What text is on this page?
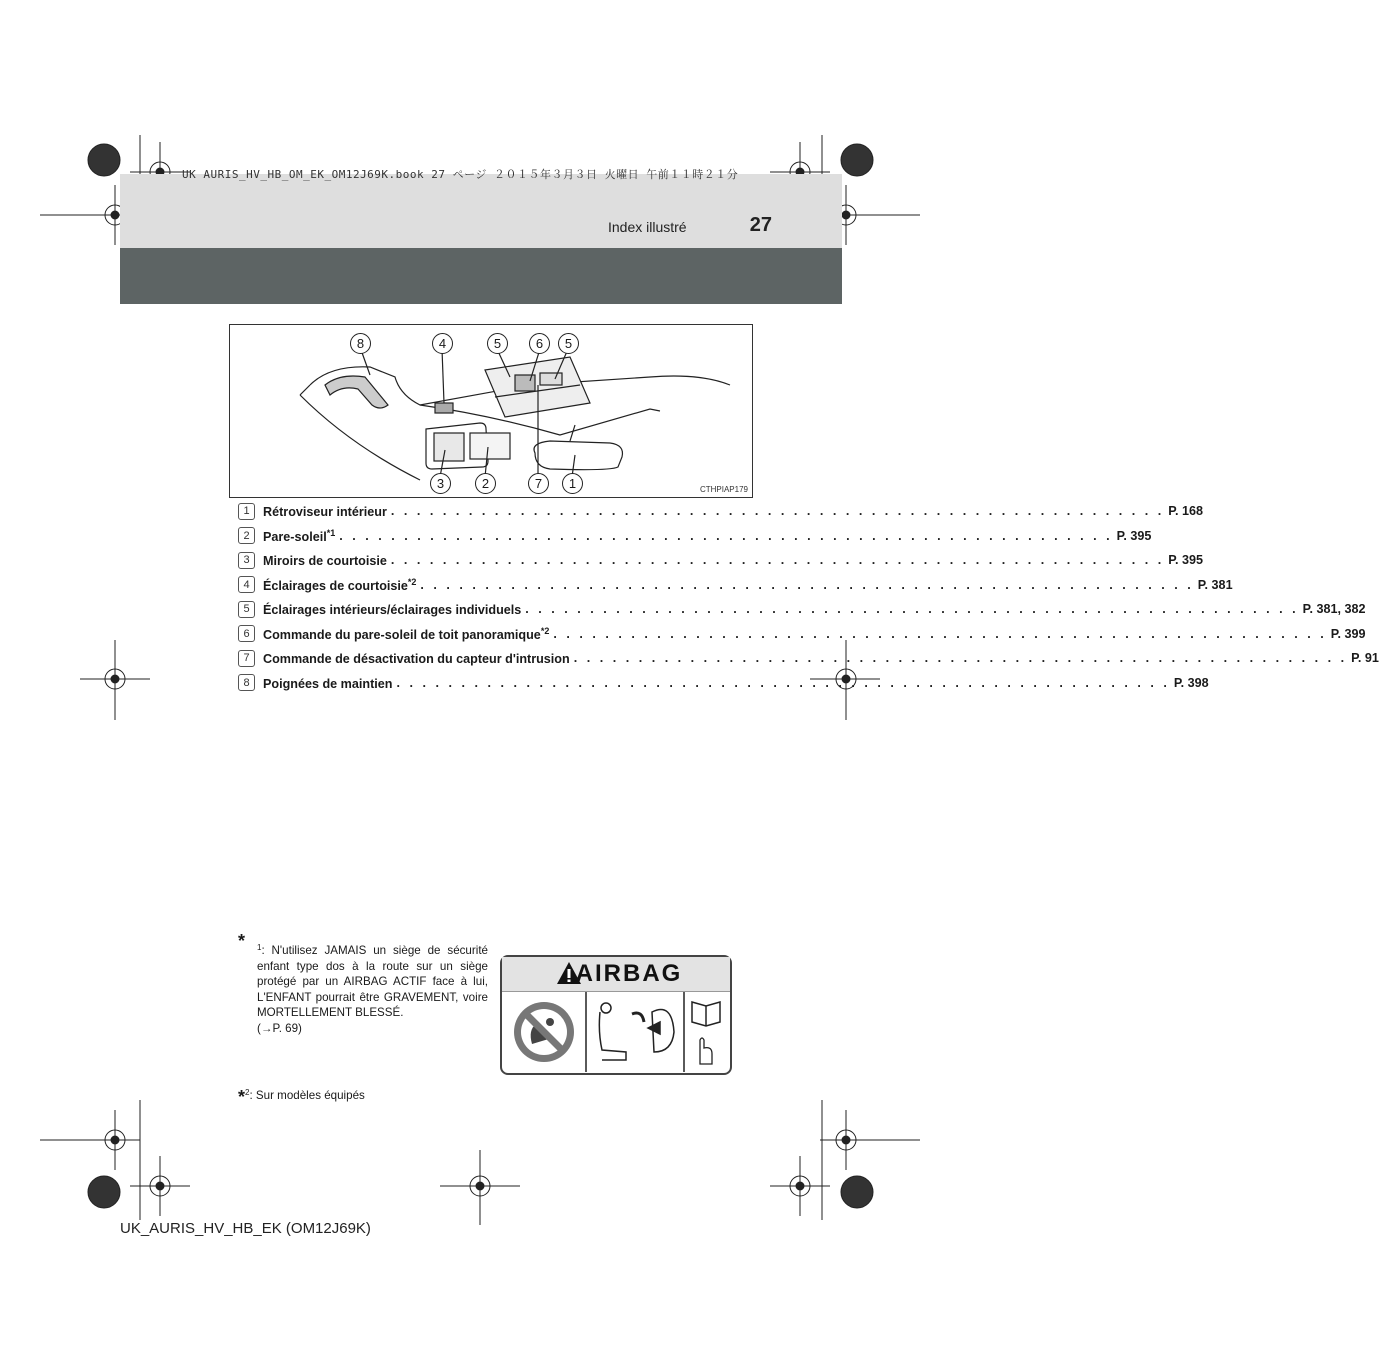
UK AURIS_HV_HB_OM_EK_OM12J69K.book 27 ページ ２０１５年３月３日 火曜日 午前１１時２１分
Index illustré	27
8	4	5	6	5
3	2	7	1	CTHPIAP179
1	Rétroviseur intérieur . . . . . . . . . . . . . . . . . . . . . . . . . . . . . . . . . . . . . . . . . . . . . . . . . . . . . . . . . . . . P. 168
2	Pare-soleil$^{*1}$ . . . . . . . . . . . . . . . . . . . . . . . . . . . . . . . . . . . . . . . . . . . . . . . . . . . . . . . . . . . . P. 395
3	Miroirs de courtoisie . . . . . . . . . . . . . . . . . . . . . . . . . . . . . . . . . . . . . . . . . . . . . . . . . . . . . . . . . . . . P. 395
4	Éclairages de courtoisie$^{*2}$ . . . . . . . . . . . . . . . . . . . . . . . . . . . . . . . . . . . . . . . . . . . . . . . . . . . . . . . . . . . . P. 381
5	Éclairages intérieurs/éclairages individuels . . . . . . . . . . . . . . . . . . . . . . . . . . . . . . . . . . . . . . . . . . . . . . . . . . . . . . . . . . . . P. 381, 382
6	Commande du pare-soleil de toit panoramique$^{*2}$ . . . . . . . . . . . . . . . . . . . . . . . . . . . . . . . . . . . . . . . . . . . . . . . . . . . . . . . . . . . . P. 399
7	Commande de désactivation du capteur d'intrusion . . . . . . . . . . . . . . . . . . . . . . . . . . . . . . . . . . . . . . . . . . . . . . . . . . . . . . . . . . . . P. 91
8	Poignées de maintien . . . . . . . . . . . . . . . . . . . . . . . . . . . . . . . . . . . . . . . . . . . . . . . . . . . . . . . . . . . . P. 398
*	$^1$: N'utilisez JAMAIS un siège de sécurité enfant type dos à la route sur un siège protégé par un AIRBAG ACTIF face à lui, L'ENFANT pourrait être GRAVEMENT, voire MORTELLEMENT BLESSÉ.
(→P. 69)
AIRBAG
*$^2$: Sur modèles équipés
UK_AURIS_HV_HB_EK (OM12J69K)
